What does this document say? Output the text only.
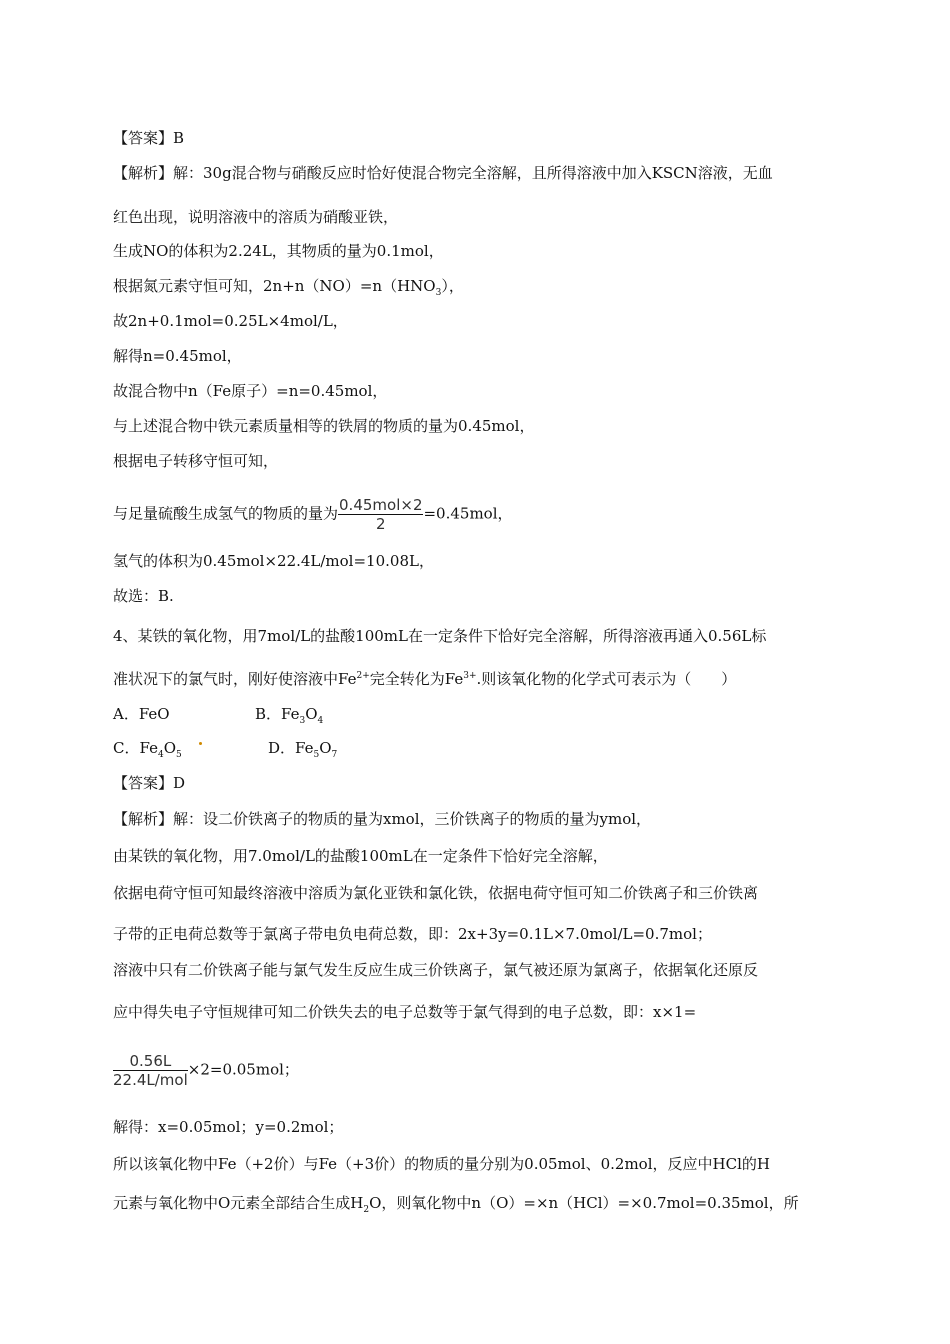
【答案】B
【解析】解：30g混合物与硝酸反应时恰好使混合物完全溶解，且所得溶液中加入KSCN溶液，无血
红色出现，说明溶液中的溶质为硝酸亚铁，
生成NO的体积为2.24L，其物质的量为0.1mol，
根据氮元素守恒可知，$2n+n(NO)=n(HNO_3)$，
故2n+0.1mol=0.25L×4mol/L，
解得n=0.45mol，
故混合物中n（Fe原子）=n=0.45mol，
与上述混合物中铁元素质量相等的铁屑的物质的量为0.45mol，
根据电子转移守恒可知，
与足量硫酸生成氢气的物质的量为 $\frac{\text{0.45mol×2}}{2} =0.45mol$，
氢气的体积为0.45mol×22.4L/mol=10.08L，
故选：B.
4、某铁的氧化物，用7mol/L的盐酸100mL在一定条件下恰好完全溶解，所得溶液再通入0.56L标
准状况下的氯气时，刚好使溶液中$Fe^{2+}$完全转化为$Fe^{3+}$.则该氧化物的化学式可表示为（　　）
A．FeO	B．$Fe_3O_4$
C．$Fe_4O_5$	D．$Fe_5O_7$
【答案】D
【解析】解：设二价铁离子的物质的量为xmol，三价铁离子的物质的量为ymol，
由某铁的氧化物，用7.0mol/L的盐酸100mL在一定条件下恰好完全溶解，
依据电荷守恒可知最终溶液中溶质为氯化亚铁和氯化铁，依据电荷守恒可知二价铁离子和三价铁离
子带的正电荷总数等于氯离子带电负电荷总数，即：2x+3y=0.1L×7.0mol/L=0.7mol；
溶液中只有二价铁离子能与氯气发生反应生成三价铁离子，氯气被还原为氯离子，依据氧化还原反
应中得失电子守恒规律可知二价铁失去的电子总数等于氯气得到的电子总数，即：x×1=
$\frac{0.56L}{\text{22.4L/mol}} \times 2=0.05mol$；
解得：x=0.05mol；y=0.2mol；
所以该氧化物中Fe（+2价）与Fe（+3价）的物质的量分别为0.05mol、0.2mol，反应中HCl的H
元素与氧化物中O元素全部结合生成$H_2O$，则氧化物中n（O）=×n（HCl）=×0.7mol=0.35mol，所
